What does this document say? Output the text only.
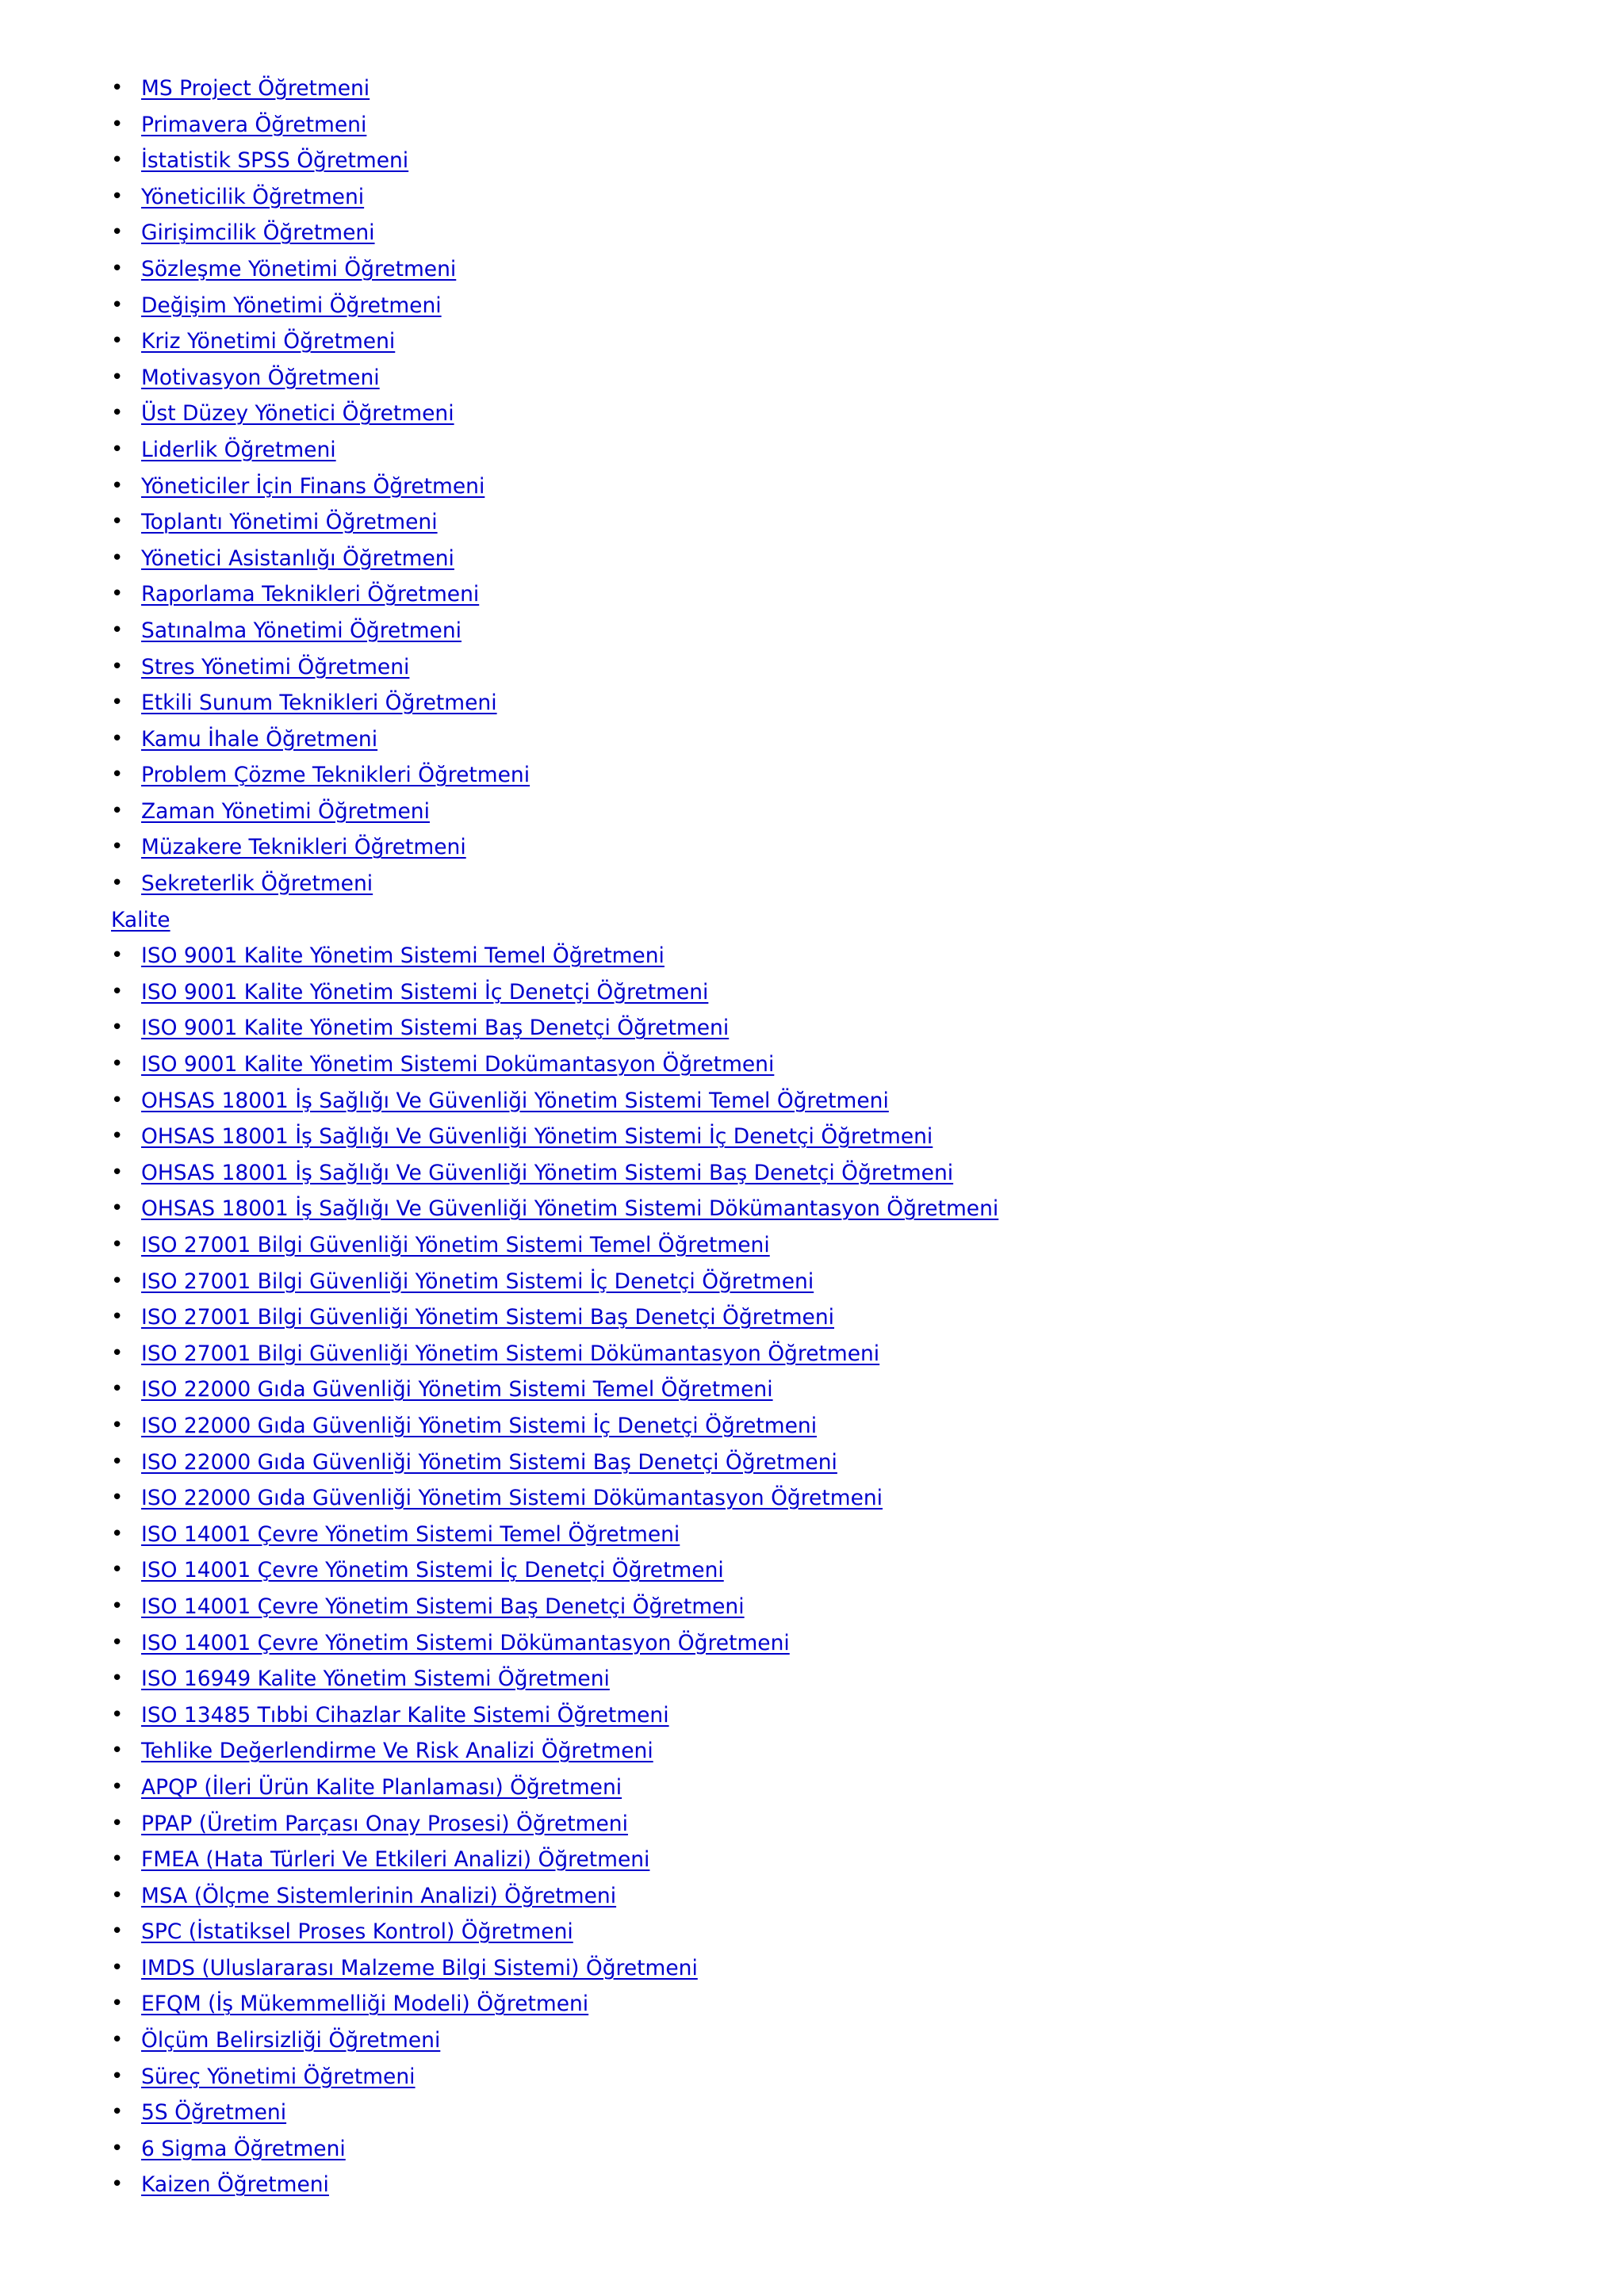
• MS Project Öğretmeni
• Primavera Öğretmeni
• İstatistik SPSS Öğretmeni
• Yöneticilik Öğretmeni
• Girişimcilik Öğretmeni
• Sözleşme Yönetimi Öğretmeni
• Değişim Yönetimi Öğretmeni
• Kriz Yönetimi Öğretmeni
• Motivasyon Öğretmeni
• Üst Düzey Yönetici Öğretmeni
• Liderlik Öğretmeni
• Yöneticiler İçin Finans Öğretmeni
• Toplantı Yönetimi Öğretmeni
• Yönetici Asistanlığı Öğretmeni
• Raporlama Teknikleri Öğretmeni
• Satınalma Yönetimi Öğretmeni
• Stres Yönetimi Öğretmeni
• Etkili Sunum Teknikleri Öğretmeni
• Kamu İhale Öğretmeni
• Problem Çözme Teknikleri Öğretmeni
• Zaman Yönetimi Öğretmeni
• Müzakere Teknikleri Öğretmeni
• Sekreterlik Öğretmeni
Kalite
• ISO 9001 Kalite Yönetim Sistemi Temel Öğretmeni
• ISO 9001 Kalite Yönetim Sistemi İç Denetçi Öğretmeni
• ISO 9001 Kalite Yönetim Sistemi Baş Denetçi Öğretmeni
• ISO 9001 Kalite Yönetim Sistemi Dokümantasyon Öğretmeni
• OHSAS 18001 İş Sağlığı Ve Güvenliği Yönetim Sistemi Temel Öğretmeni
• OHSAS 18001 İş Sağlığı Ve Güvenliği Yönetim Sistemi İç Denetçi Öğretmeni
• OHSAS 18001 İş Sağlığı Ve Güvenliği Yönetim Sistemi Baş Denetçi Öğretmeni
• OHSAS 18001 İş Sağlığı Ve Güvenliği Yönetim Sistemi Dökümantasyon Öğretmeni
• ISO 27001 Bilgi Güvenliği Yönetim Sistemi Temel Öğretmeni
• ISO 27001 Bilgi Güvenliği Yönetim Sistemi İç Denetçi Öğretmeni
• ISO 27001 Bilgi Güvenliği Yönetim Sistemi Baş Denetçi Öğretmeni
• ISO 27001 Bilgi Güvenliği Yönetim Sistemi Dökümantasyon Öğretmeni
• ISO 22000 Gıda Güvenliği Yönetim Sistemi Temel Öğretmeni
• ISO 22000 Gıda Güvenliği Yönetim Sistemi İç Denetçi Öğretmeni
• ISO 22000 Gıda Güvenliği Yönetim Sistemi Baş Denetçi Öğretmeni
• ISO 22000 Gıda Güvenliği Yönetim Sistemi Dökümantasyon Öğretmeni
• ISO 14001 Çevre Yönetim Sistemi Temel Öğretmeni
• ISO 14001 Çevre Yönetim Sistemi İç Denetçi Öğretmeni
• ISO 14001 Çevre Yönetim Sistemi Baş Denetçi Öğretmeni
• ISO 14001 Çevre Yönetim Sistemi Dökümantasyon Öğretmeni
• ISO 16949 Kalite Yönetim Sistemi Öğretmeni
• ISO 13485 Tıbbi Cihazlar Kalite Sistemi Öğretmeni
• Tehlike Değerlendirme Ve Risk Analizi Öğretmeni
• APQP (İleri Ürün Kalite Planlaması) Öğretmeni
• PPAP (Üretim Parçası Onay Prosesi) Öğretmeni
• FMEA (Hata Türleri Ve Etkileri Analizi) Öğretmeni
• MSA (Ölçme Sistemlerinin Analizi) Öğretmeni
• SPC (İstatiksel Proses Kontrol) Öğretmeni
• IMDS (Uluslararası Malzeme Bilgi Sistemi) Öğretmeni
• EFQM (İş Mükemmelliği Modeli) Öğretmeni
• Ölçüm Belirsizliği Öğretmeni
• Süreç Yönetimi Öğretmeni
• 5S Öğretmeni
• 6 Sigma Öğretmeni
• Kaizen Öğretmeni
